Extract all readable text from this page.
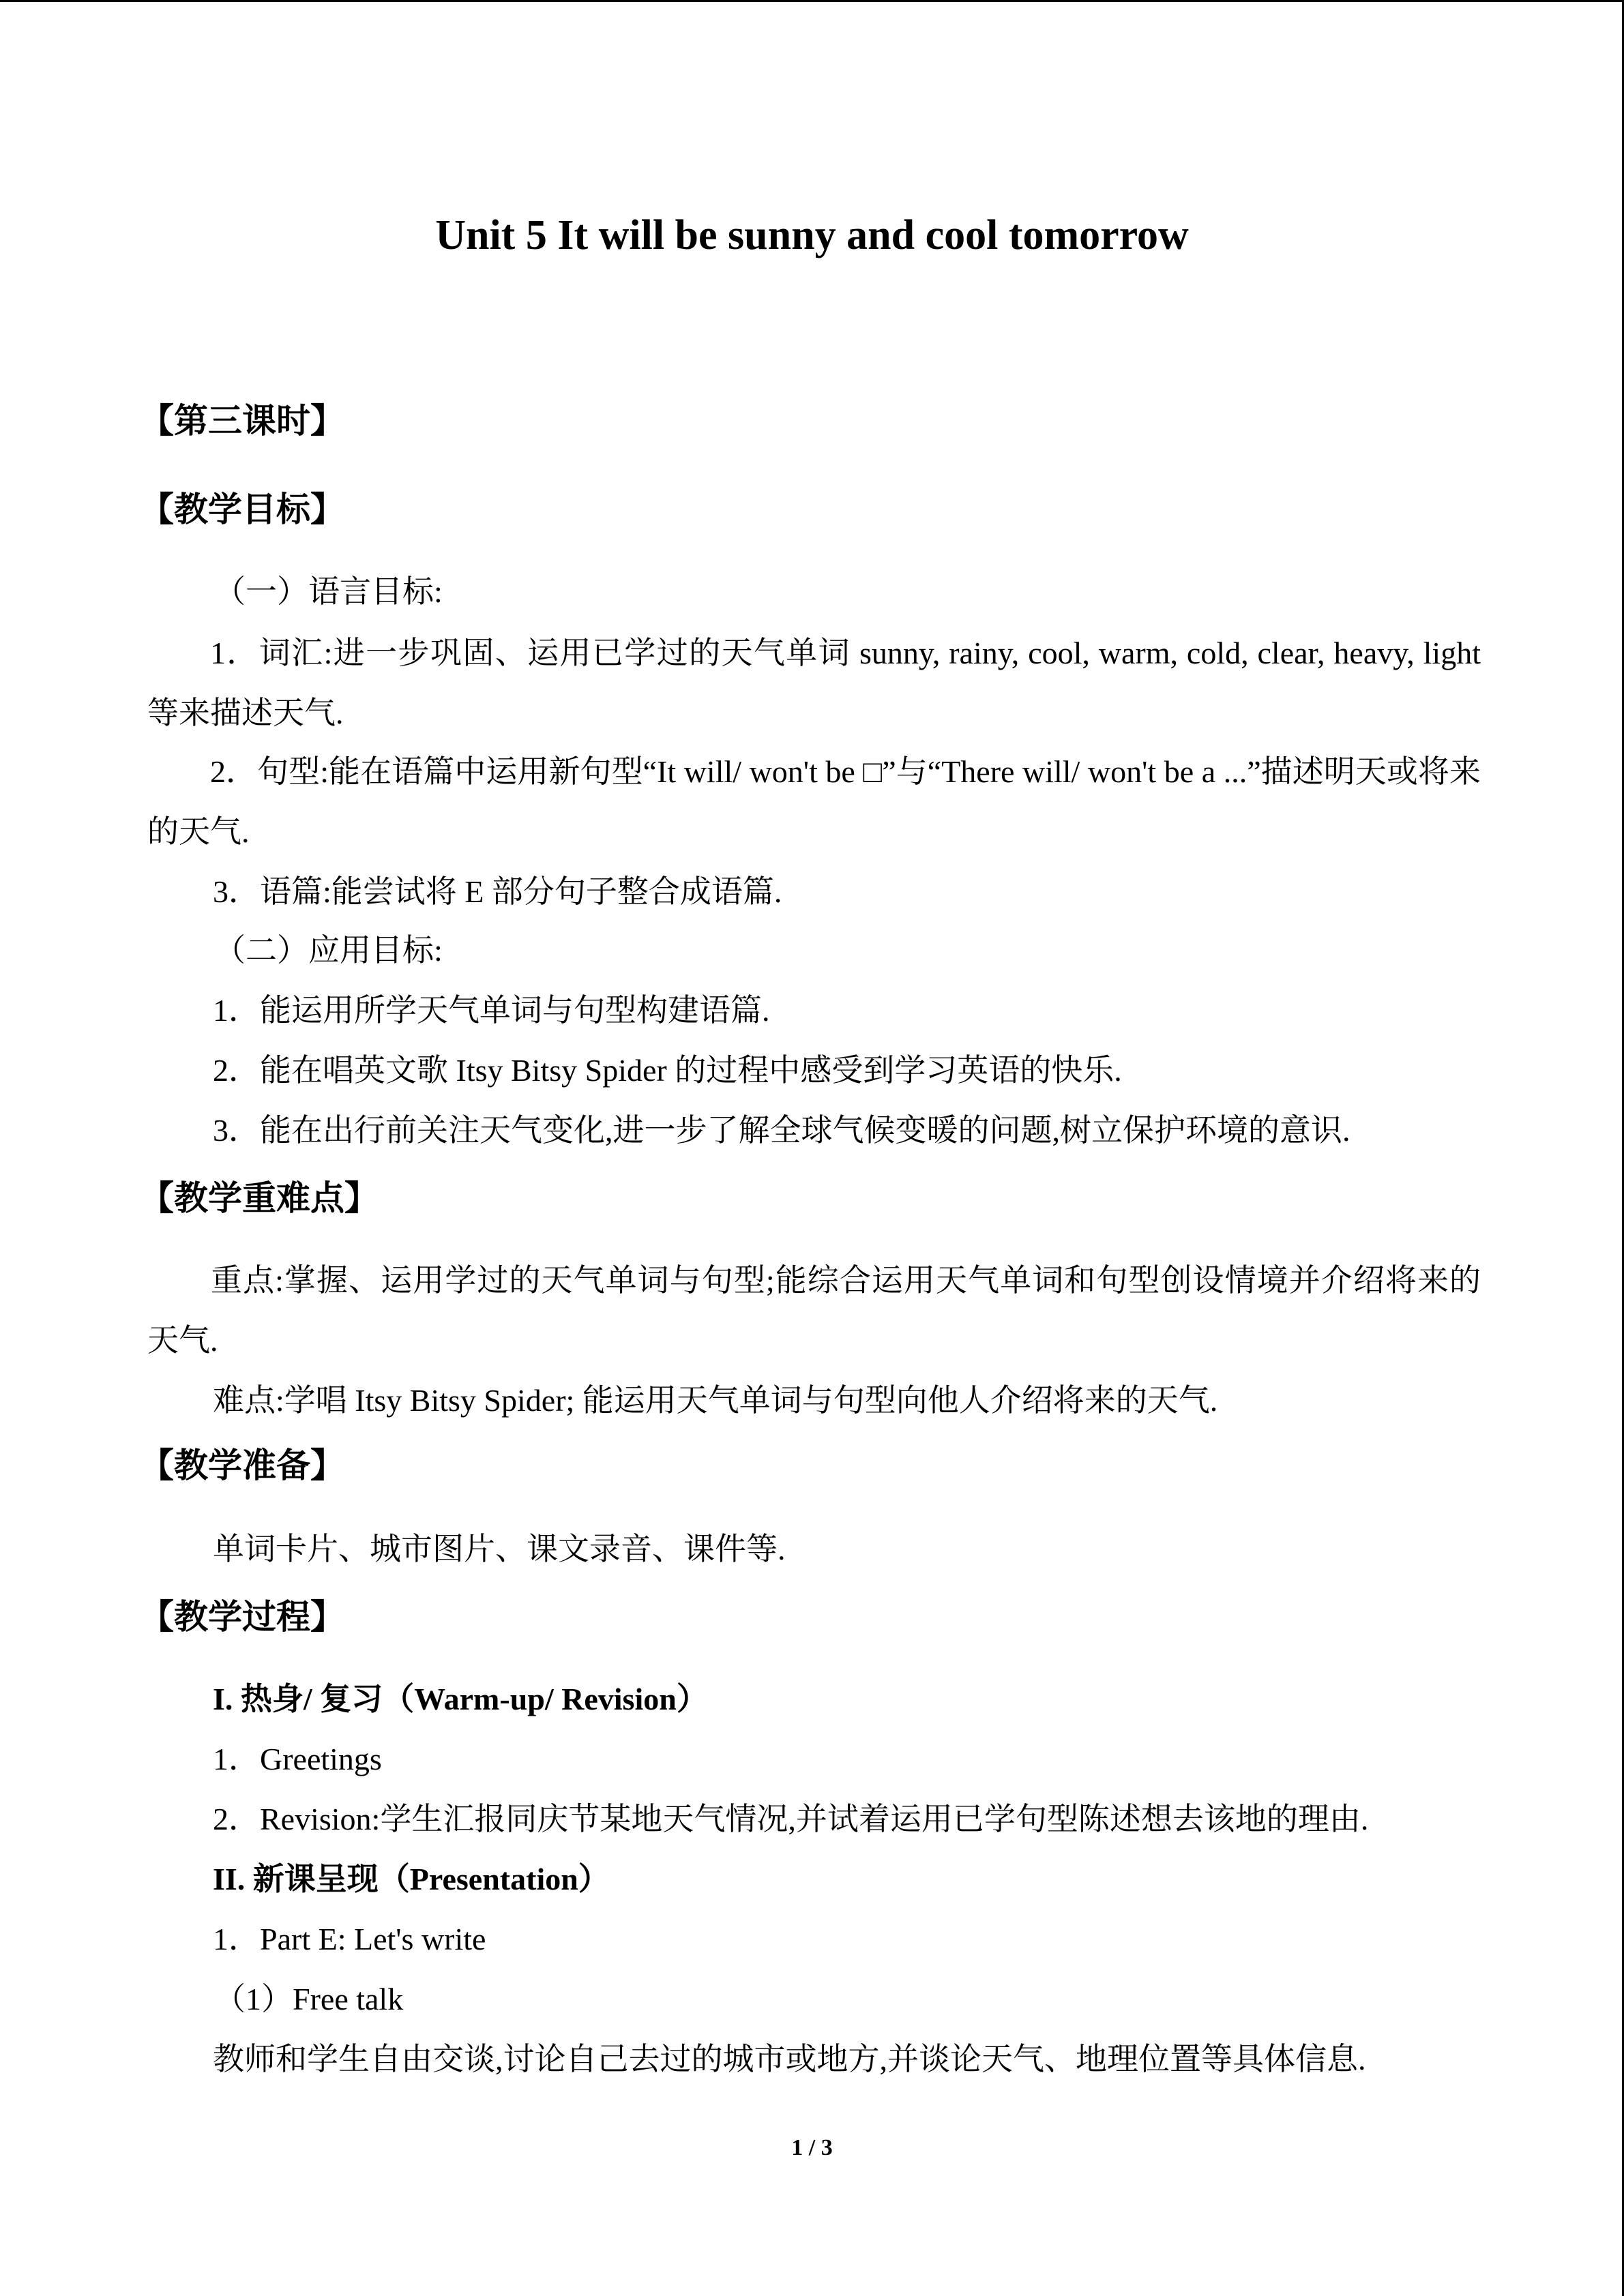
Unit 5 It will be sunny and cool tomorrow
【第三课时】
【教学目标】
（一）语言目标:
1．词汇:进一步巩固、运用已学过的天气单词 sunny, rainy, cool, warm, cold, clear, heavy, light 等来描述天气.
2．句型:能在语篇中运用新句型“It will/ won't be □”与“There will/ won't be a ...”描述明天或将来的天气.
3．语篇:能尝试将 E 部分句子整合成语篇.
（二）应用目标:
1．能运用所学天气单词与句型构建语篇.
2．能在唱英文歌 Itsy Bitsy Spider 的过程中感受到学习英语的快乐.
3．能在出行前关注天气变化,进一步了解全球气候变暖的问题,树立保护环境的意识.
【教学重难点】
重点:掌握、运用学过的天气单词与句型;能综合运用天气单词和句型创设情境并介绍将来的天气.
难点:学唱 Itsy Bitsy Spider; 能运用天气单词与句型向他人介绍将来的天气.
【教学准备】
单词卡片、城市图片、课文录音、课件等.
【教学过程】
I. 热身/ 复习（Warm-up/ Revision）
1．Greetings
2．Revision:学生汇报同庆节某地天气情况,并试着运用已学句型陈述想去该地的理由.
II. 新课呈现（Presentation）
1．Part E: Let's write
（1）Free talk
教师和学生自由交谈,讨论自己去过的城市或地方,并谈论天气、地理位置等具体信息.
1 / 3
